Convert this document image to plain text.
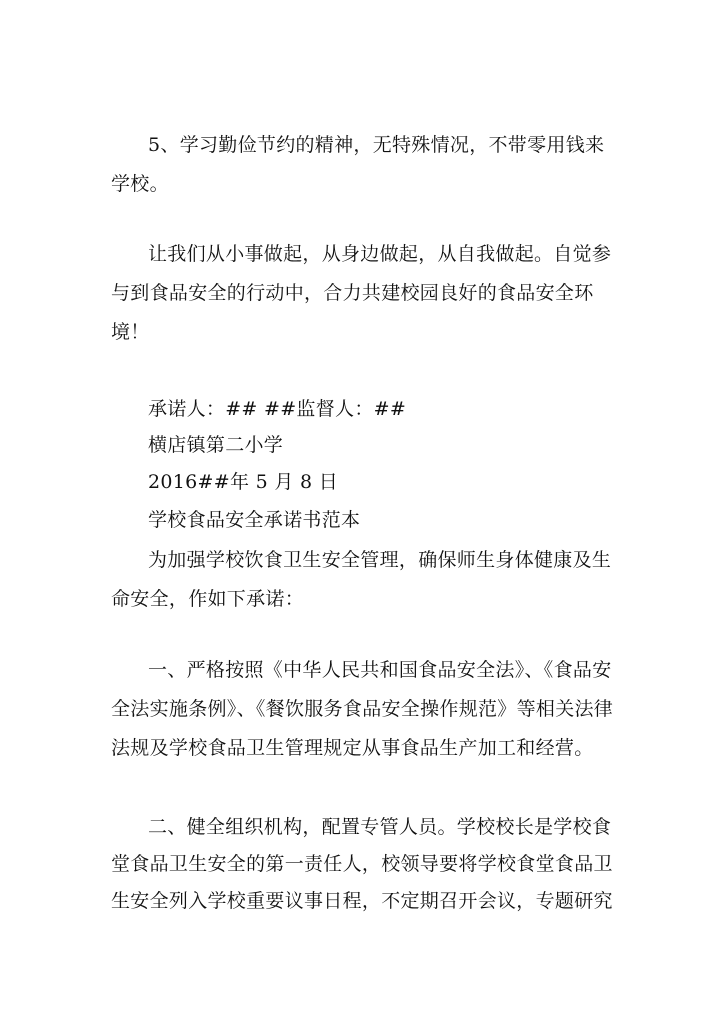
5、学习勤俭节约的精神，无特殊情况，不带零用钱来
学校。
让我们从小事做起，从身边做起，从自我做起。自觉参
与到食品安全的行动中，合力共建校园良好的食品安全环
境！
承诺人：## ##监督人：##
横店镇第二小学
2016##年 5 月 8 日
学校食品安全承诺书范本
为加强学校饮食卫生安全管理，确保师生身体健康及生
命安全，作如下承诺：
一、严格按照《中华人民共和国食品安全法》、《食品安
全法实施条例》、《餐饮服务食品安全操作规范》等相关法律
法规及学校食品卫生管理规定从事食品生产加工和经营。
二、健全组织机构，配置专管人员。学校校长是学校食
堂食品卫生安全的第一责任人，校领导要将学校食堂食品卫
生安全列入学校重要议事日程，不定期召开会议，专题研究
